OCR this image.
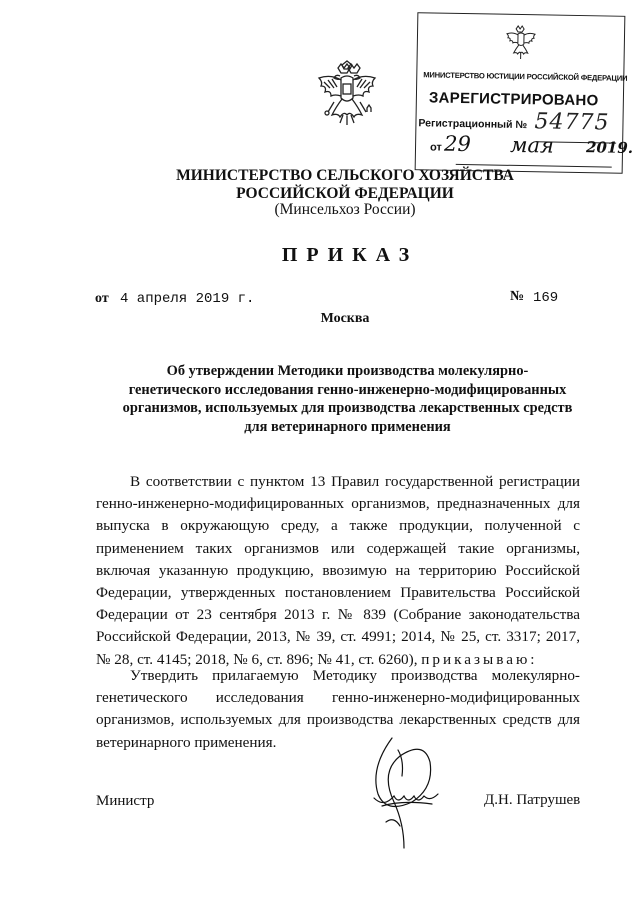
МИНИСТЕРСТВО ЮСТИЦИИ РОССИЙСКОЙ ФЕДЕРАЦИИ
ЗАРЕГИСТРИРОВАНО
Регистрационный № 54775
от 29 мая 2019.
МИНИСТЕРСТВО СЕЛЬСКОГО ХОЗЯЙСТВА
РОССИЙСКОЙ ФЕДЕРАЦИИ
(Минсельхоз России)
ПРИКАЗ
от 4 апреля 2019 г.	№ 169
Москва
Об утверждении Методики производства молекулярно-
генетического исследования генно-инженерно-модифицированных
организмов, используемых для производства лекарственных средств
для ветеринарного применения
В соответствии с пунктом 13 Правил государственной регистрации генно-инженерно-модифицированных организмов, предназначенных для выпуска в окружающую среду, а также продукции, полученной с применением таких организмов или содержащей такие организмы, включая указанную продукцию, ввозимую на территорию Российской Федерации, утвержденных постановлением Правительства Российской Федерации от 23 сентября 2013 г. № 839 (Собрание законодательства Российской Федерации, 2013, № 39, ст. 4991; 2014, № 25, ст. 3317; 2017, № 28, ст. 4145; 2018, № 6, ст. 896; № 41, ст. 6260), приказываю:
Утвердить прилагаемую Методику производства молекулярно-генетического исследования генно-инженерно-модифицированных организмов, используемых для производства лекарственных средств для ветеринарного применения.
Министр	Д.Н. Патрушев
